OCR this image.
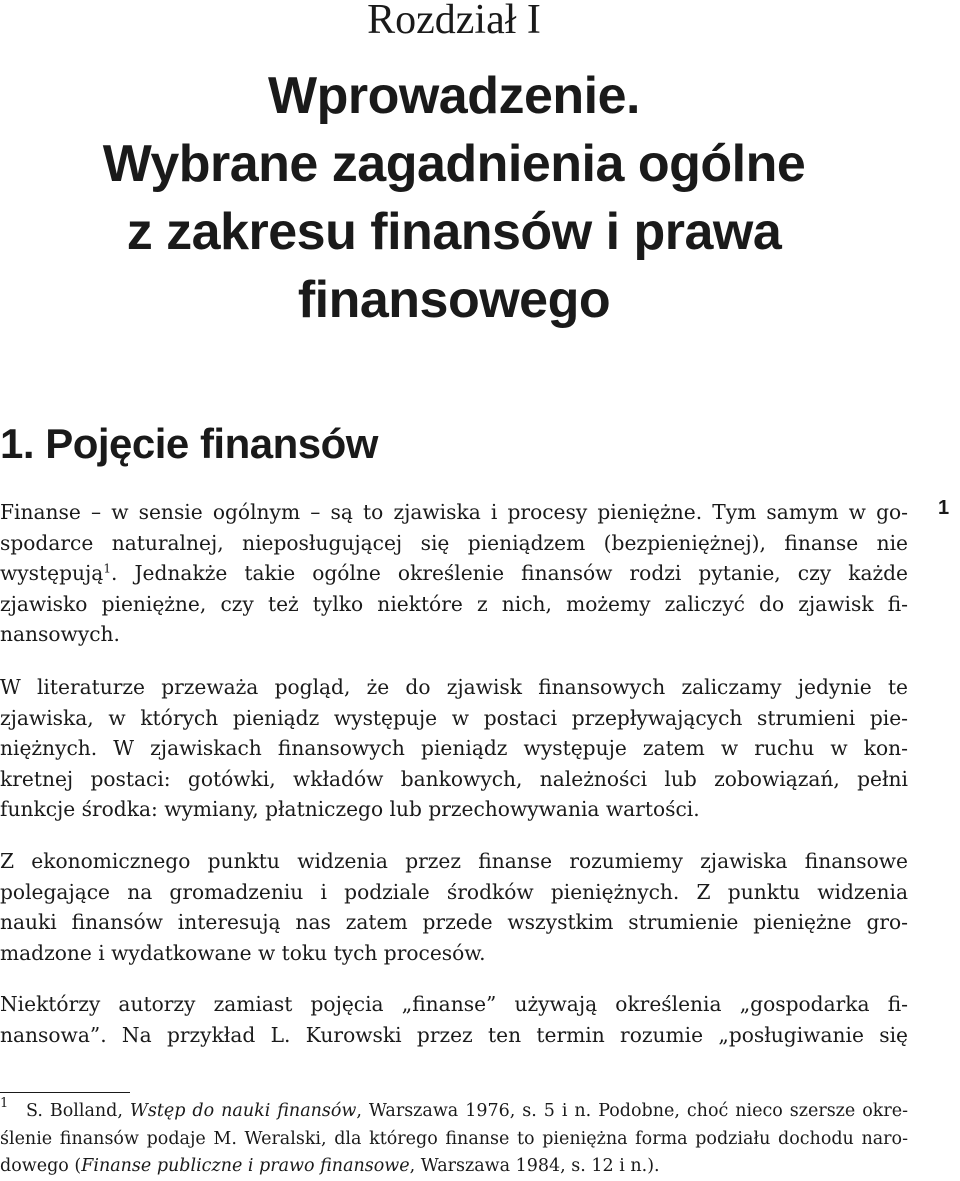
Rozdział I
Wprowadzenie.
Wybrane zagadnienia ogólne
z zakresu finansów i prawa
finansowego
1. Pojęcie finansów
1
Finanse – w sensie ogólnym – są to zjawiska i procesy pieniężne. Tym samym w go-
spodarce naturalnej, nieposługującej się pieniądzem (bezpieniężnej), finanse nie
występują$^1$. Jednakże takie ogólne określenie finansów rodzi pytanie, czy każde
zjawisko pieniężne, czy też tylko niektóre z nich, możemy zaliczyć do zjawisk fi-
nansowych.
W literaturze przeważa pogląd, że do zjawisk finansowych zaliczamy jedynie te
zjawiska, w których pieniądz występuje w postaci przepływających strumieni pie-
niężnych. W zjawiskach finansowych pieniądz występuje zatem w ruchu w kon-
kretnej postaci: gotówki, wkładów bankowych, należności lub zobowiązań, pełni
funkcje środka: wymiany, płatniczego lub przechowywania wartości.
Z ekonomicznego punktu widzenia przez finanse rozumiemy zjawiska finansowe
polegające na gromadzeniu i podziale środków pieniężnych. Z punktu widzenia
nauki finansów interesują nas zatem przede wszystkim strumienie pieniężne gro-
madzone i wydatkowane w toku tych procesów.
Niektórzy autorzy zamiast pojęcia „finanse” używają określenia „gospodarka fi-
nansowa”. Na przykład L. Kurowski przez ten termin rozumie „posługiwanie się
1	S. Bolland, Wstęp do nauki finansów, Warszawa 1976, s. 5 i n. Podobne, choć nieco szersze okre-
ślenie finansów podaje M. Weralski, dla którego finanse to pieniężna forma podziału dochodu naro-
dowego (Finanse publiczne i prawo finansowe, Warszawa 1984, s. 12 i n.).
